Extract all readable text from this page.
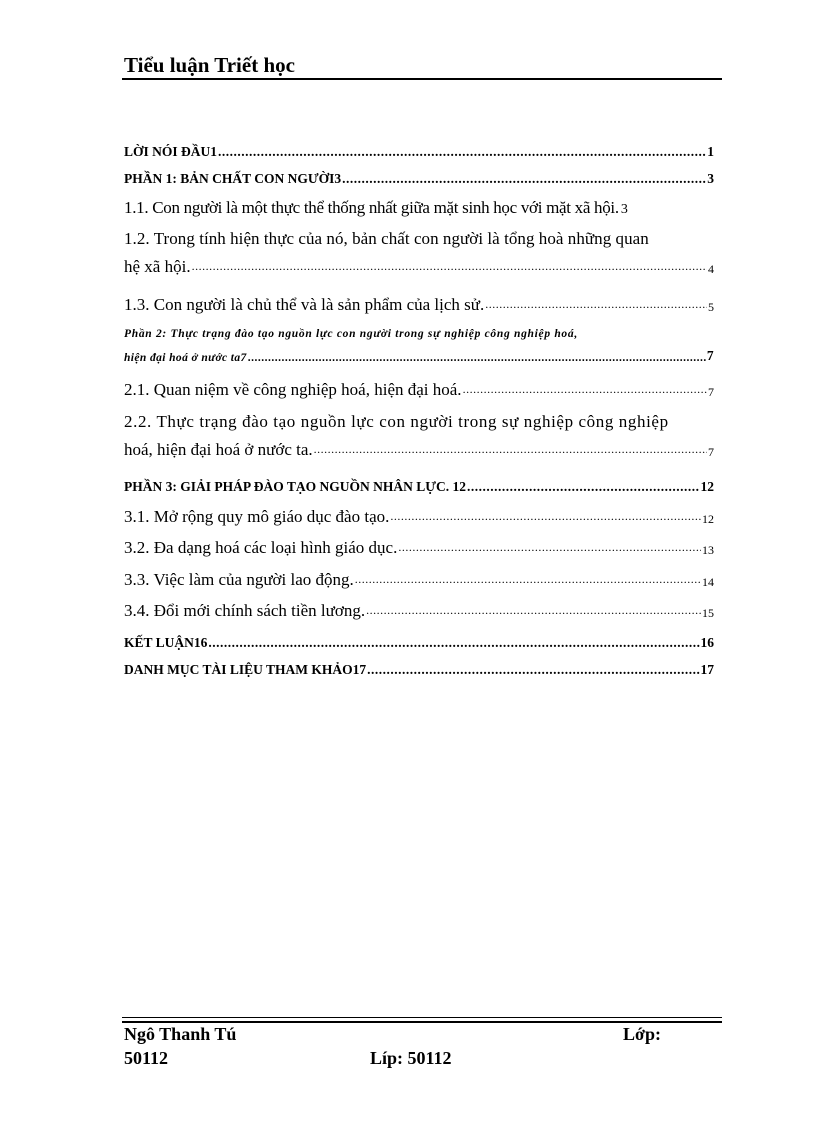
Tiểu luận Triết học
LỜI NÓI ĐẦU1 .....	1
PHẦN 1: BẢN CHẤT CON NGƯỜI3 .....	3
1.1. Con người là một thực thể thống nhất giữa mặt sinh học với mặt xã hội. 3
1.2. Trong tính hiện thực của nó, bản chất con người là tổng hoà những quan
hệ xã hội. .....	4
1.3. Con người là chủ thể và là sản phẩm của lịch sử. .....	5
Phần 2: Thực trạng đào tạo nguồn lực con người trong sự nghiệp công nghiệp hoá,
hiện đại hoá ở nước ta7 .....	7
2.1. Quan niệm về công nghiệp hoá, hiện đại hoá. .....	7
2.2. Thực trạng đào tạo nguồn lực con người trong sự nghiệp công nghiệp
hoá, hiện đại hoá ở nước ta. .....	7
PHẦN 3: GIẢI PHÁP ĐÀO TẠO NGUỒN NHÂN LỰC. 12 .....	12
3.1. Mở rộng quy mô giáo dục đào tạo. .....	12
3.2. Đa dạng hoá các loại hình giáo dục. .....	13
3.3. Việc làm của người lao động. .....	14
3.4. Đổi mới chính sách tiền lương. .....	15
KẾT LUẬN16 .....	16
DANH MỤC TÀI LIỆU THAM KHẢO17 .....	17
Ngô Thanh Tú	Lớp:
50112	Líp: 50112
